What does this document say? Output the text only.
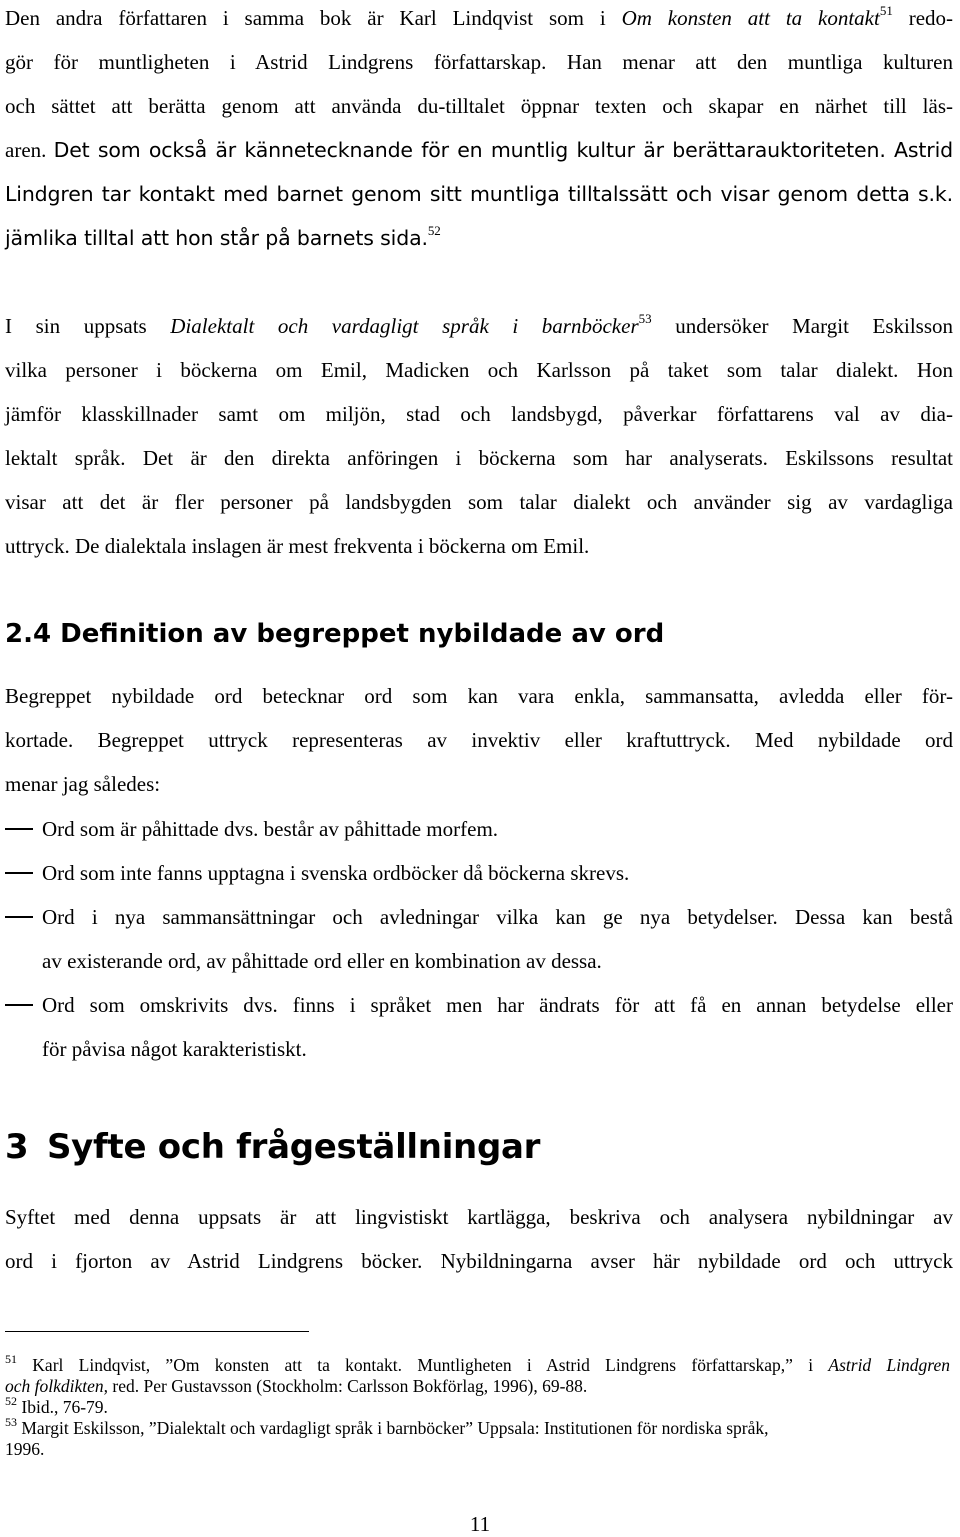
Den andra författaren i samma bok är Karl Lindqvist som i Om konsten att ta kontakt$^{51}$ redo-
gör för muntligheten i Astrid Lindgrens författarskap. Han menar att den muntliga kulturen
och sättet att berätta genom att använda du-tilltalet öppnar texten och skapar en närhet till läs-
aren. Det som också är kännetecknande för en muntlig kultur är berättarauktoriteten. Astrid
Lindgren tar kontakt med barnet genom sitt muntliga tilltalssätt och visar genom detta s.k.
jämlika tilltal att hon står på barnets sida.$^{52}$
I sin uppsats Dialektalt och vardagligt språk i barnböcker$^{53}$ undersöker Margit Eskilsson
vilka personer i böckerna om Emil, Madicken och Karlsson på taket som talar dialekt. Hon
jämför klasskillnader samt om miljön, stad och landsbygd, påverkar författarens val av dia-
lektalt språk. Det är den direkta anföringen i böckerna som har analyserats. Eskilssons resultat
visar att det är fler personer på landsbygden som talar dialekt och använder sig av vardagliga
uttryck. De dialektala inslagen är mest frekventa i böckerna om Emil.
2.4 Definition av begreppet nybildade av ord
Begreppet nybildade ord betecknar ord som kan vara enkla, sammansatta, avledda eller för-
kortade. Begreppet uttryck representeras av invektiv eller kraftuttryck. Med nybildade ord
menar jag således:
Ord som är påhittade dvs. består av påhittade morfem.
Ord som inte fanns upptagna i svenska ordböcker då böckerna skrevs.
Ord i nya sammansättningar och avledningar vilka kan ge nya betydelser. Dessa kan bestå
av existerande ord, av påhittade ord eller en kombination av dessa.
Ord som omskrivits dvs. finns i språket men har ändrats för att få en annan betydelse eller
för påvisa något karakteristiskt.
3 Syfte och frågeställningar
Syftet med denna uppsats är att lingvistiskt kartlägga, beskriva och analysera nybildningar av
ord i fjorton av Astrid Lindgrens böcker. Nybildningarna avser här nybildade ord och uttryck
$^{51}$ Karl Lindqvist, ”Om konsten att ta kontakt. Muntligheten i Astrid Lindgrens författarskap,” i Astrid Lindgren
och folkdikten, red. Per Gustavsson (Stockholm: Carlsson Bokförlag, 1996), 69-88.
$^{52}$ Ibid., 76-79.
$^{53}$ Margit Eskilsson, ”Dialektalt och vardagligt språk i barnböcker” Uppsala: Institutionen för nordiska språk,
1996.
11
